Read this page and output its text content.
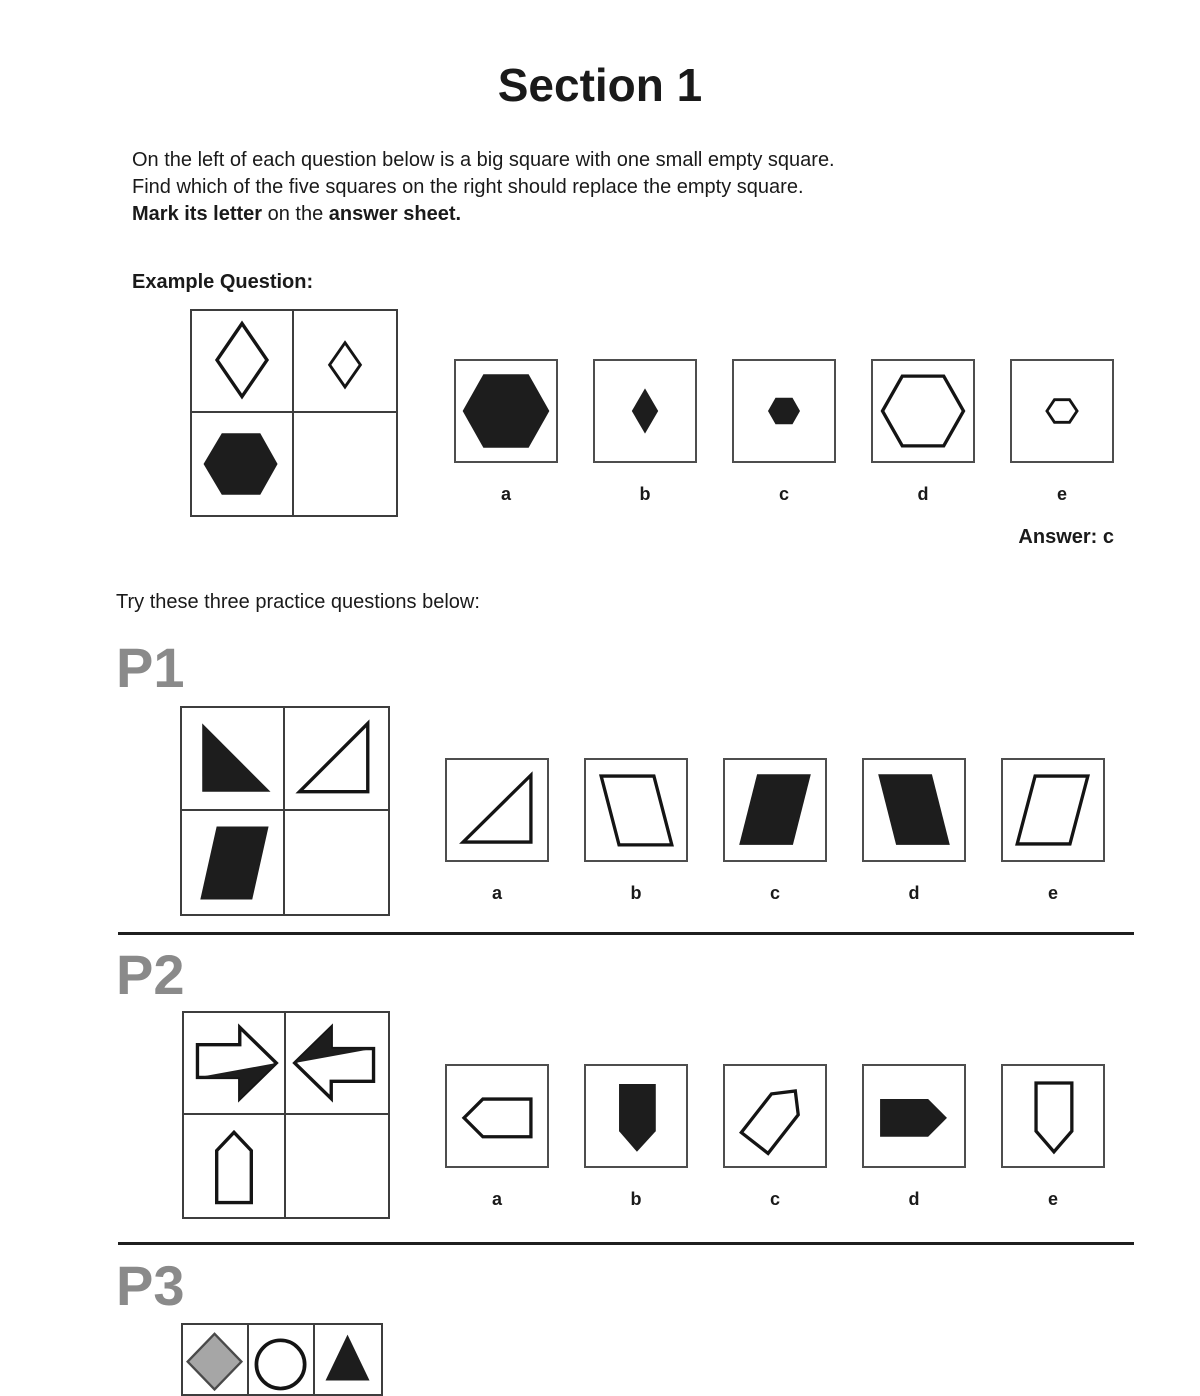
Section 1
On the left of each question below is a big square with one small empty square.
Find which of the five squares on the right should replace the empty square.
Mark its letter on the answer sheet.
Example Question:
a	b	c	d	e
Answer: c
Try these three practice questions below:
P1
a	b	c	d	e
P2
a	b	c	d	e
P3
